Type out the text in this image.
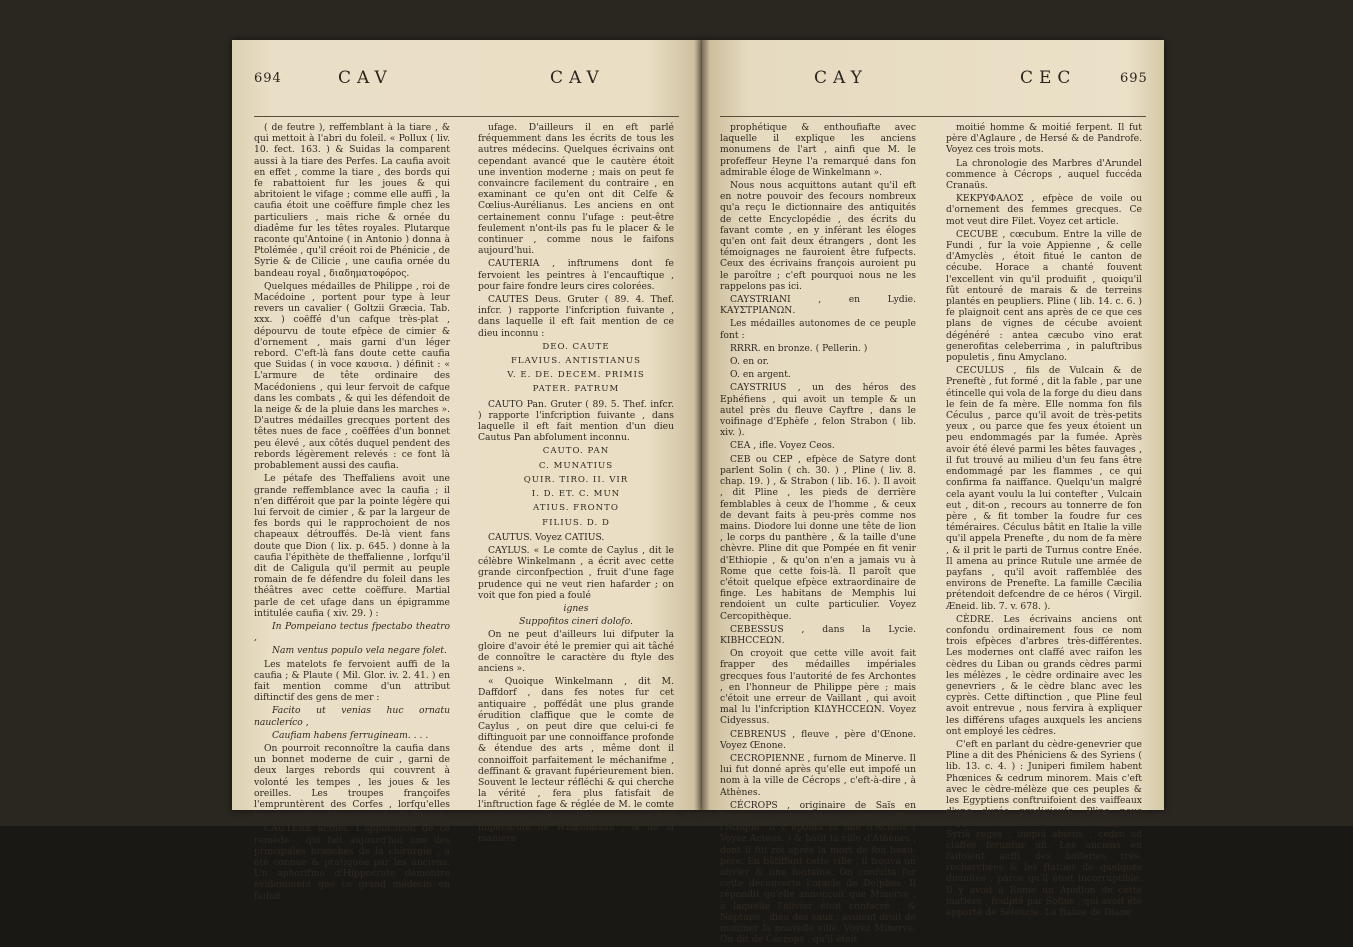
694	CAV	CAV

( de feutre ), reffemblant à la tiare , & qui mettoit à l'abri du foleil. « Pollux ( liv. 10. fect. 163. ) & Suidas la comparent aussi à la tiare des Perfes. La caufia avoit en effet , comme la tiare , des bords qui fe rabattoient fur les joues & qui abritoient le vifage ; comme elle auffi , la caufia étoit une coëffure fimple chez les particuliers , mais riche & ornée du diadême fur les têtes royales. Plutarque raconte qu'Antoine ( in Antonio ) donna à Ptolémée , qu'il créoit roi de Phénicie , de Syrie & de Cilicie , une caufia ornée du bandeau royal , διαδηματοφόρος.

Quelques médailles de Philippe , roi de Macédoine , portent pour type à leur revers un cavalier ( Goltzii Græcia. Tab. xxx. ) coëffé d'un cafque très-plat , dépourvu de toute efpèce de cimier & d'ornement , mais garni d'un léger rebord. C'eft-là fans doute cette caufia que Suidas ( in voce καυσια. ) définit : « L'armure de tête ordinaire des Macédoniens , qui leur fervoit de cafque dans les combats , & qui les défendoit de la neige & de la pluie dans les marches ». D'autres médailles grecques portent des têtes nues de face , coëffées d'un bonnet peu élevé , aux côtés duquel pendent des rebords légèrement relevés : ce font là probablement aussi des caufia.

Le pétafe des Theffaliens avoit une grande reffemblance avec la caufia ; il n'en différoit que par la pointe légère qui lui fervoit de cimier , & par la largeur de fes bords qui le rapprochoient de nos chapeaux détrouffés. De-là vient fans doute que Dion ( lix. p. 645. ) donne à la caufia l'épithète de theffalienne , lorfqu'il dit de Caligula qu'il permit au peuple romain de fe défendre du foleil dans les théâtres avec cette coëffure. Martial parle de cet ufage dans un épigramme intitulée caufia ( xiv. 29. ) :

In Pompeiano tectus fpectabo theatro ,

Nam ventus populo vela negare folet.

Les matelots fe fervoient auffi de la caufia ; & Plaute ( Mil. Glor. iv. 2. 41. ) en fait mention comme d'un attribut diftinctif des gens de mer :

Facito ut venias huc ornatu naucleríco ,

Caufiam habens ferrugineam. . . .

On pourroit reconnoître la caufia dans un bonnet moderne de cuir , garni de deux larges rebords qui couvrent à volonté les tempes , les joues & les oreilles. Les troupes françoifes l'empruntèrent des Corfes , lorfqu'elles les combattirent fous le règne du feu roi.

CAUTÈRE actuel. L'application de ce remède , qui fait aujourd'hui une des principales branches de la chirurgie , a été connue & pratiquée par les anciens. Un aphorifme d'Hippocrate démontre évidemment que ce grand médecin en faifoit

ufage. D'ailleurs il en eft parlé fréquemment dans les écrits de tous les autres médecins. Quelques écrivains ont cependant avancé que le cautère étoit une invention moderne ; mais on peut fe convaincre facilement du contraire , en examinant ce qu'en ont dit Celfe & Cœlius-Aurélianus. Les anciens en ont certainement connu l'ufage : peut-être feulement n'ont-ils pas fu le placer & le continuer , comme nous le faifons aujourd'hui.

CAUTERIA , inftrumens dont fe fervoient les peintres à l'encauftique , pour faire fondre leurs cires colorées.

CAUTES Deus. Gruter ( 89. 4. Thef. infcr. ) rapporte l'infcription fuivante , dans laquelle il eft fait mention de ce dieu inconnu :

DEO. CAUTE

FLAVIUS. ANTISTIANUS

V. E. DE. DECEM. PRIMIS

PATER. PATRUM

CAUTO Pan. Gruter ( 89. 5. Thef. infcr. ) rapporte l'infcription fuivante , dans laquelle il eft fait mention d'un dieu Cautus Pan abfolument inconnu.

CAUTO. PAN

C. MUNATIUS

QUIR. TIRO. II. VIR

I. D. ET. C. MUN

ATIUS. FRONTO

FILIUS. D. D

CAUTUS. Voyez CATIUS.

CAYLUS. « Le comte de Caylus , dit le célèbre Winkelmann , a écrit avec cette grande circonfpection , fruit d'une fage prudence qui ne veut rien hafarder ; on voit que fon pied a foulé

ignes

Suppofitos cineri dolofo.

On ne peut d'ailleurs lui difputer la gloire d'avoir été le premier qui ait tâché de connoître le caractère du ftyle des anciens ».

« Quoique Winkelmann , dit M. Daffdorf , dans fes notes fur cet antiquaire , poffédât une plus grande érudition claffique que le comte de Caylus , on peut dire que celui-ci fe diftinguoit par une connoiffance profonde & étendue des arts , même dont il connoiffoit parfaitement le méchanifme , deffinant & gravant fupérieurement bien. Souvent le lecteur réfléchi & qui cherche la vérité , fera plus fatisfait de l'inftruction fage & réglée de M. le comte de Caylus , que de l'infpiration par fois impétueufe de Winkelmann , & de la manière

CAY	CEC	695

prophétique & enthoufiafte avec laquelle il explique les anciens monumens de l'art , ainfi que M. le profeffeur Heyne l'a remarqué dans fon admirable éloge de Winkelmann ».

Nous nous acquittons autant qu'il eft en notre pouvoir des fecours nombreux qu'a reçu le dictionnaire des antiquités de cette Encyclopédie , des écrits du favant comte , en y inférant les éloges qu'en ont fait deux étrangers , dont les témoignages ne fauroient être fufpects. Ceux des écrivains françois auroient pu le paroître ; c'eft pourquoi nous ne les rappelons pas ici.

CAYSTRIANI , en Lydie. ΚΑΥΣΤΡΙΑΝΩΝ.

Les médailles autonomes de ce peuple font :

RRRR. en bronze. ( Pellerin. )

O. en or.

O. en argent.

CAYSTRIUS , un des héros des Ephéfiens , qui avoit un temple & un autel près du fleuve Cayftre , dans le voifinage d'Ephèfe , felon Strabon ( lib. xiv. ).

CEA , ifle. Voyez Ceos.

CEB ou CEP , efpèce de Satyre dont parlent Solin ( ch. 30. ) , Pline ( liv. 8. chap. 19. ) , & Strabon ( lib. 16. ). Il avoit , dit Pline , les pieds de derrière femblables à ceux de l'homme , & ceux de devant faits à peu-près comme nos mains. Diodore lui donne une tête de lion , le corps du panthère , & la taille d'une chèvre. Pline dit que Pompée en fit venir d'Ethiopie , & qu'on n'en a jamais vu à Rome que cette fois-là. Il paroît que c'étoit quelque efpèce extraordinaire de finge. Les habitans de Memphis lui rendoient un culte particulier. Voyez Cercopithèque.

CEBESSUS , dans la Lycie. ΚΙΒΗCCΕΩΝ.

On croyoit que cette ville avoit fait frapper des médailles impériales grecques fous l'autorité de fes Archontes , en l'honneur de Philippe père ; mais c'étoit une erreur de Vaillant , qui avoit mal lu l'infcription ΚΙΔΥΗCCΕΩΝ. Voyez Cidyessus.

CEBRENUS , fleuve , père d'Œnone. Voyez Œnone.

CECROPIENNE , furnom de Minerve. Il lui fut donné après qu'elle eut impofé un nom à la ville de Cécrops , c'eft-à-dire , à Athènes.

CÉCROPS , originaire de Saïs en Egypte , amena une colonie dans l'Attique. Il y époufa la fille d'Actéus ( Voyez Acteus. ) & bâtit la ville d'Athènes , dont il fut roi après la mort de fon beau-père. En bâtiffant cette ville , il trouva un olivier & une fontaine. On confulta fur cette découverte l'oracle de Delphes. Il répondit qu'elle annonçoit que Minerve , à laquelle l'olivier étoit confacré , & Neptune , dieu des eaux , avoient droit de nommer la nouvelle ville. Voyez Minerve. On dit de Cécrops , qu'il étoit

moitié homme & moitié ferpent. Il fut père d'Aglaure , de Hersé & de Pandrofe. Voyez ces trois mots.

La chronologie des Marbres d'Arundel commence à Cécrops , auquel fuccéda Cranaüs.

ΚΕΚΡΥΦΑΛΟΣ , efpèce de voile ou d'ornement des femmes grecques. Ce mot veut dire Filet. Voyez cet article.

CECUBE , cœcubum. Entre la ville de Fundi , fur la voie Appienne , & celle d'Amyclès , étoit fitué le canton de cécube. Horace a chanté fouvent l'excellent vin qu'il produifit , quoiqu'il fût entouré de marais & de terreins plantés en peupliers. Pline ( lib. 14. c. 6. ) fe plaignoit cent ans après de ce que ces plans de vignes de cécube avoient dégénéré : antea cæcubo vino erat generofitas celeberrima , in paluftribus populetis , finu Amyclano.

CECULUS , fils de Vulcain & de Preneftè , fut formé , dit la fable , par une étincelle qui vola de la forge du dieu dans le fein de fa mère. Elle nomma fon fils Céculus , parce qu'il avoit de très-petits yeux , ou parce que fes yeux étoient un peu endommagés par la fumée. Après avoir été élevé parmi les bêtes fauvages , il fut trouvé au milieu d'un feu fans être endommagé par les flammes , ce qui confirma fa naiffance. Quelqu'un malgré cela ayant voulu la lui contefter , Vulcain eut , dit-on , recours au tonnerre de fon père , & fit tomber la foudre fur ces téméraires. Céculus bâtit en Italie la ville qu'il appela Prenefte , du nom de fa mère , & il prit le parti de Turnus contre Enée. Il amena au prince Rutule une armée de payfans , qu'il avoit raffemblée des environs de Prenefte. La famille Cæcilia prétendoit defcendre de ce héros ( Virgil. Æneid. lib. 7. v. 678. ).

CÈDRE. Les écrivains anciens ont confondu ordinairement fous ce nom trois efpèces d'arbres très-différentes. Les modernes ont claffé avec raifon les cèdres du Liban ou grands cèdres parmi les mélèzes , le cèdre ordinaire avec les genevriers , & le cèdre blanc avec les cyprès. Cette diftinction , que Pline feul avoit entrevue , nous fervira à expliquer les différens ufages auxquels les anciens ont employé les cèdres.

C'eft en parlant du cèdre-genevrier que Pline a dit des Phéniciens & des Syriens ( lib. 13. c. 4. ) : Juniperi fimilem habent Phœnices & cedrum minorem. Mais c'eft avec le cèdre-mélèze que ces peuples & les Egyptiens conftruifoient des vaiffeaux d'une durée prodigieufe. Pline nous l'apprend ( lib. 16. 40. ) : In Ægypto & Syriâ reges , inopiâ abietis , cedro ad claffes feruntur ufi. Les anciens en faifoient auffi des boiferies très-recherchées & les ftatues de quelques divinités , parce qu'il étoit incorruptible. Il y avoit à Rome un Apollon de cette matière , fculpté par Sofius , qui avoit été apporté de Séleucie. La ftatue de Diane
